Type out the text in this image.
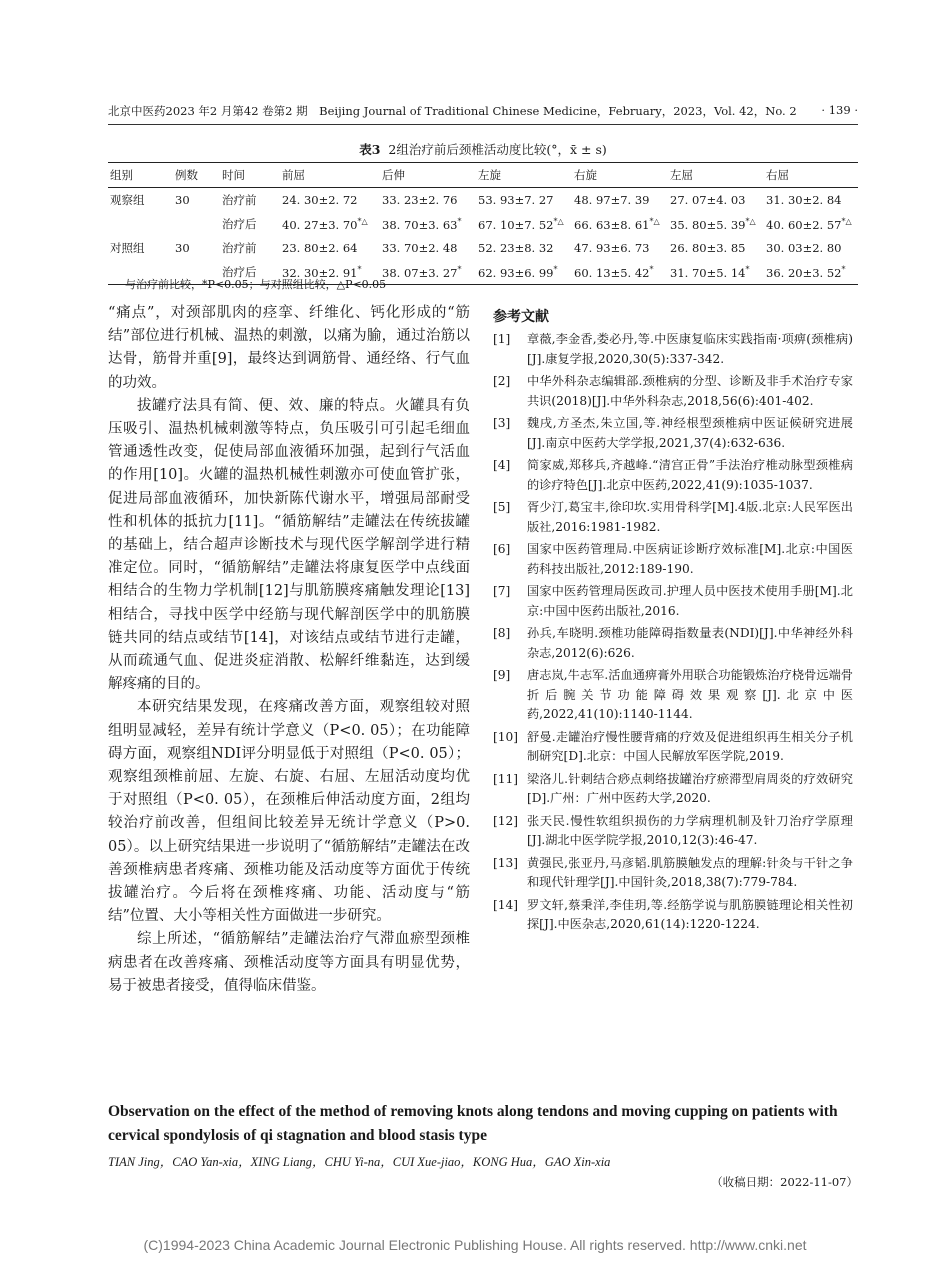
北京中医药2023 年2 月第42 卷第2 期　Beijing Journal of Traditional Chinese Medicine，February，2023，Vol. 42，No. 2 · 139 ·
表3 2组治疗前后颈椎活动度比较(°，x̄ ± s)
组别	例数	时间	前屈	后伸	左旋	右旋	左屈	右屈
观察组	30	治疗前	24. 30±2. 72	33. 23±2. 76	53. 93±7. 27	48. 97±7. 39	27. 07±4. 03	31. 30±2. 84
		治疗后	40. 27±3. 70*△	38. 70±3. 63*	67. 10±7. 52*△	66. 63±8. 61*△	35. 80±5. 39*△	40. 60±2. 57*△
对照组	30	治疗前	23. 80±2. 64	33. 70±2. 48	52. 23±8. 32	47. 93±6. 73	26. 80±3. 85	30. 03±2. 80
		治疗后	32. 30±2. 91*	38. 07±3. 27*	62. 93±6. 99*	60. 13±5. 42*	31. 70±5. 14*	36. 20±3. 52*
与治疗前比较，*P<0.05；与对照组比较，△P<0.05

“痛点”，对颈部肌肉的痉挛、纤维化、钙化形成的“筋结”部位进行机械、温热的刺激，以痛为腧，通过治筋以达骨，筋骨并重[9]，最终达到调筋骨、通经络、行气血的功效。

拔罐疗法具有简、便、效、廉的特点。火罐具有负压吸引、温热机械刺激等特点，负压吸引可引起毛细血管通透性改变，促使局部血液循环加强，起到行气活血的作用[10]。火罐的温热机械性刺激亦可使血管扩张，促进局部血液循环，加快新陈代谢水平，增强局部耐受性和机体的抵抗力[11]。“循筋解结”走罐法在传统拔罐的基础上，结合超声诊断技术与现代医学解剖学进行精准定位。同时，“循筋解结”走罐法将康复医学中点线面相结合的生物力学机制[12]与肌筋膜疼痛触发理论[13]相结合，寻找中医学中经筋与现代解剖医学中的肌筋膜链共同的结点或结节[14]，对该结点或结节进行走罐，从而疏通气血、促进炎症消散、松解纤维黏连，达到缓解疼痛的目的。

本研究结果发现，在疼痛改善方面，观察组较对照组明显减轻，差异有统计学意义（P<0. 05）；在功能障碍方面，观察组NDI评分明显低于对照组（P<0. 05）；观察组颈椎前屈、左旋、右旋、右屈、左屈活动度均优于对照组（P<0. 05），在颈椎后伸活动度方面，2组均较治疗前改善，但组间比较差异无统计学意义（P>0. 05）。以上研究结果进一步说明了“循筋解结”走罐法在改善颈椎病患者疼痛、颈椎功能及活动度等方面优于传统拔罐治疗。今后将在颈椎疼痛、功能、活动度与“筋结”位置、大小等相关性方面做进一步研究。

综上所述，“循筋解结”走罐法治疗气滞血瘀型颈椎病患者在改善疼痛、颈椎活动度等方面具有明显优势，易于被患者接受，值得临床借鉴。

参考文献
[1]	章薇,李金香,娄必丹,等.中医康复临床实践指南·项痹(颈椎病)[J].康复学报,2020,30(5):337-342.
[2]	中华外科杂志编辑部.颈椎病的分型、诊断及非手术治疗专家共识(2018)[J].中华外科杂志,2018,56(6):401-402.
[3]	魏戌,方圣杰,朱立国,等.神经根型颈椎病中医证候研究进展[J].南京中医药大学学报,2021,37(4):632-636.
[4]	简家威,郑移兵,齐越峰.“清宫正骨”手法治疗椎动脉型颈椎病的诊疗特色[J].北京中医药,2022,41(9):1035-1037.
[5]	胥少汀,葛宝丰,徐印坎.实用骨科学[M].4版.北京:人民军医出版社,2016:1981-1982.
[6]	国家中医药管理局.中医病证诊断疗效标准[M].北京:中国医药科技出版社,2012:189-190.
[7]	国家中医药管理局医政司.护理人员中医技术使用手册[M].北京:中国中医药出版社,2016.
[8]	孙兵,车晓明.颈椎功能障碍指数量表(NDI)[J].中华神经外科杂志,2012(6):626.
[9]	唐志岚,牛志军.活血通痹膏外用联合功能锻炼治疗桡骨远端骨折后腕关节功能障碍效果观察[J].北京中医药,2022,41(10):1140-1144.
[10] 舒曼.走罐治疗慢性腰背痛的疗效及促进组织再生相关分子机制研究[D].北京：中国人民解放军医学院,2019.
[11] 梁洛儿.针刺结合痧点刺络拔罐治疗瘀滞型肩周炎的疗效研究[D].广州：广州中医药大学,2020.
[12] 张天民.慢性软组织损伤的力学病理机制及针刀治疗学原理[J].湖北中医学院学报,2010,12(3):46-47.
[13] 黄强民,张亚丹,马彦韬.肌筋膜触发点的理解:针灸与干针之争和现代针理学[J].中国针灸,2018,38(7):779-784.
[14] 罗文轩,蔡秉洋,李佳玥,等.经筋学说与肌筋膜链理论相关性初探[J].中医杂志,2020,61(14):1220-1224.
Observation on the effect of the method of removing knots along tendons and moving cupping on patients with cervical spondylosis of qi stagnation and blood stasis type
TIAN Jing，CAO Yan-xia，XING Liang，CHU Yi-na，CUI Xue-jiao，KONG Hua，GAO Xin-xia
（收稿日期：2022-11-07）
(C)1994-2023 China Academic Journal Electronic Publishing House. All rights reserved. http://www.cnki.net
